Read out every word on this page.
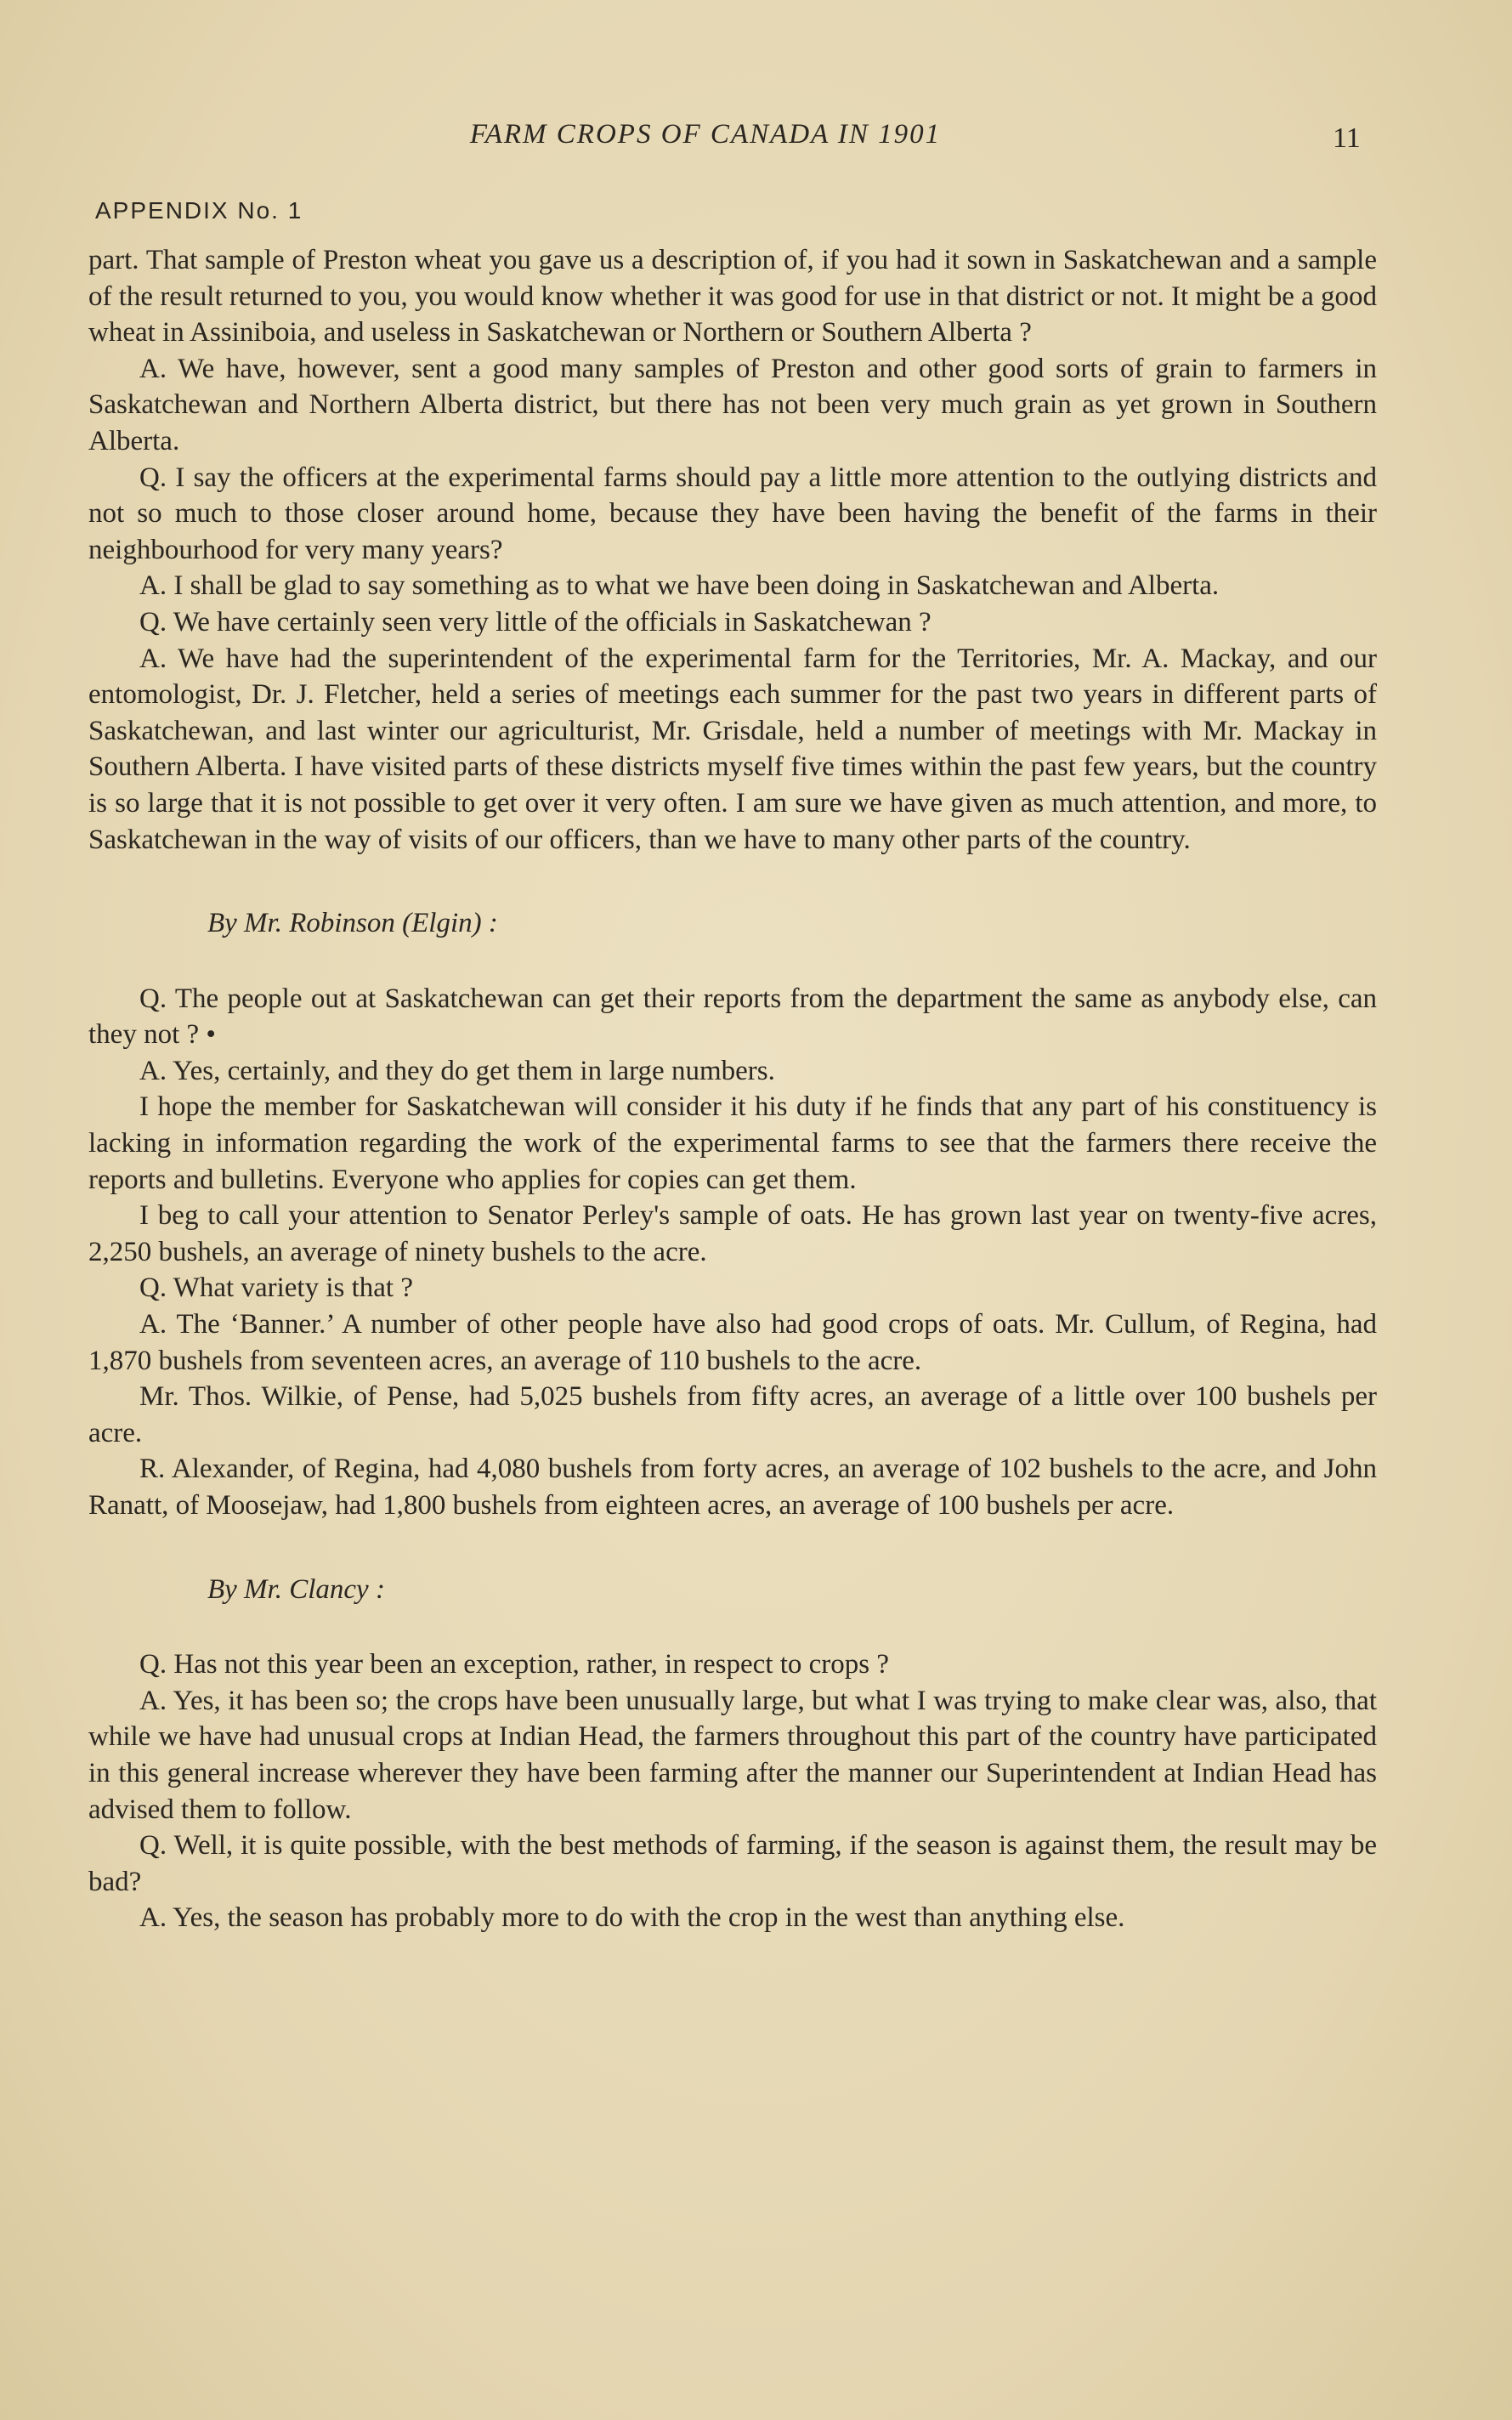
FARM CROPS OF CANADA IN 1901	11
APPENDIX No. 1

part. That sample of Preston wheat you gave us a description of, if you had it sown in Saskatchewan and a sample of the result returned to you, you would know whether it was good for use in that district or not. It might be a good wheat in Assiniboia, and useless in Saskatchewan or Northern or Southern Alberta ?

A. We have, however, sent a good many samples of Preston and other good sorts of grain to farmers in Saskatchewan and Northern Alberta district, but there has not been very much grain as yet grown in Southern Alberta.

Q. I say the officers at the experimental farms should pay a little more attention to the outlying districts and not so much to those closer around home, because they have been having the benefit of the farms in their neighbourhood for very many years?

A. I shall be glad to say something as to what we have been doing in Saskatchewan and Alberta.

Q. We have certainly seen very little of the officials in Saskatchewan ?

A. We have had the superintendent of the experimental farm for the Territories, Mr. A. Mackay, and our entomologist, Dr. J. Fletcher, held a series of meetings each summer for the past two years in different parts of Saskatchewan, and last winter our agriculturist, Mr. Grisdale, held a number of meetings with Mr. Mackay in Southern Alberta. I have visited parts of these districts myself five times within the past few years, but the country is so large that it is not possible to get over it very often. I am sure we have given as much attention, and more, to Saskatchewan in the way of visits of our officers, than we have to many other parts of the country.

By Mr. Robinson (Elgin) :

Q. The people out at Saskatchewan can get their reports from the department the same as anybody else, can they not ? •

A. Yes, certainly, and they do get them in large numbers.

I hope the member for Saskatchewan will consider it his duty if he finds that any part of his constituency is lacking in information regarding the work of the experimental farms to see that the farmers there receive the reports and bulletins. Everyone who applies for copies can get them.

I beg to call your attention to Senator Perley's sample of oats. He has grown last year on twenty-five acres, 2,250 bushels, an average of ninety bushels to the acre.

Q. What variety is that ?

A. The ‘Banner.’ A number of other people have also had good crops of oats. Mr. Cullum, of Regina, had 1,870 bushels from seventeen acres, an average of 110 bushels to the acre.

Mr. Thos. Wilkie, of Pense, had 5,025 bushels from fifty acres, an average of a little over 100 bushels per acre.

R. Alexander, of Regina, had 4,080 bushels from forty acres, an average of 102 bushels to the acre, and John Ranatt, of Moosejaw, had 1,800 bushels from eighteen acres, an average of 100 bushels per acre.

By Mr. Clancy :

Q. Has not this year been an exception, rather, in respect to crops ?

A. Yes, it has been so; the crops have been unusually large, but what I was trying to make clear was, also, that while we have had unusual crops at Indian Head, the farmers throughout this part of the country have participated in this general increase wherever they have been farming after the manner our Superintendent at Indian Head has advised them to follow.

Q. Well, it is quite possible, with the best methods of farming, if the season is against them, the result may be bad?

A. Yes, the season has probably more to do with the crop in the west than anything else.
